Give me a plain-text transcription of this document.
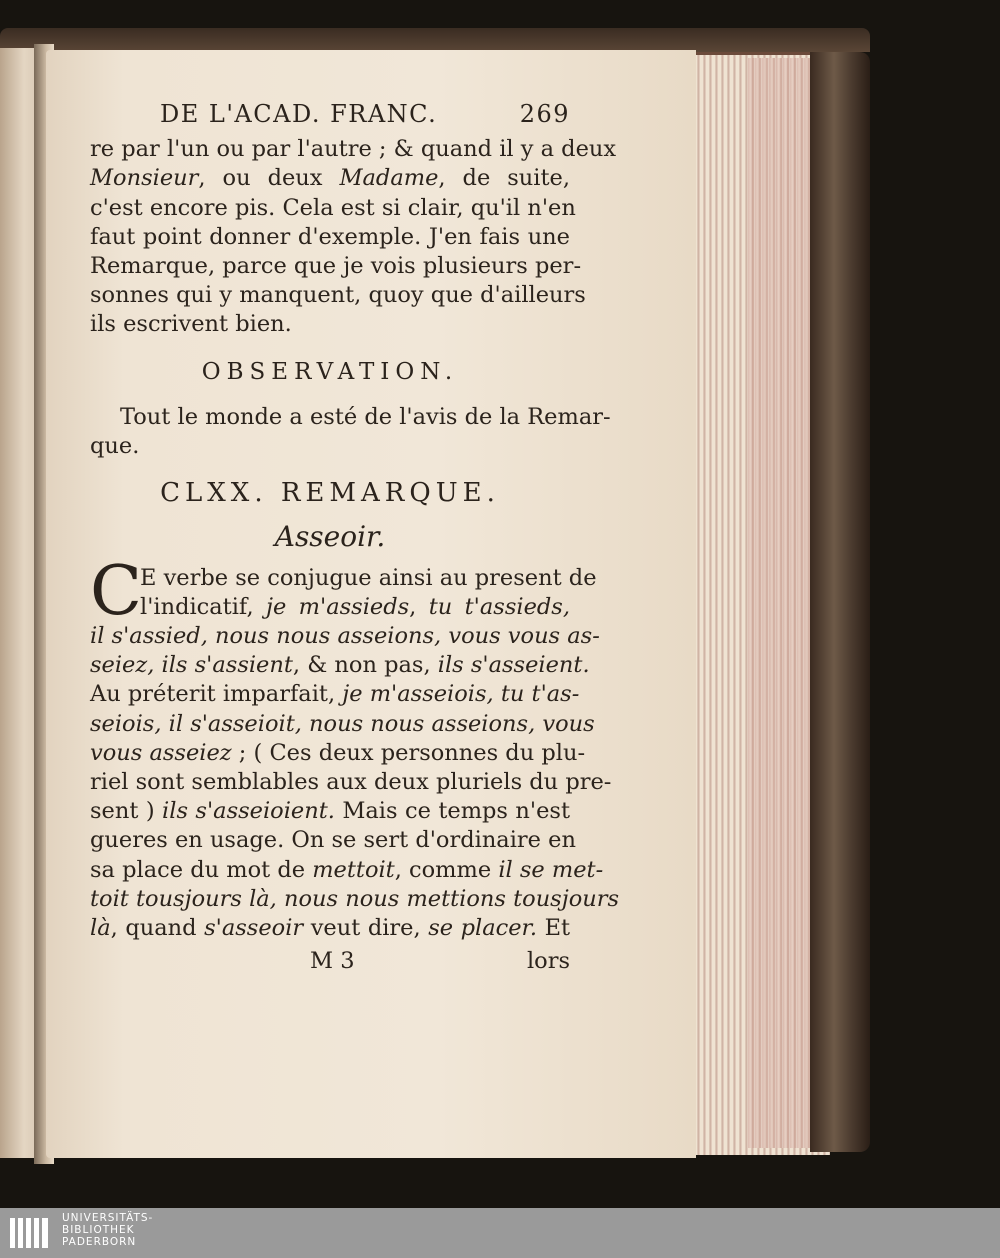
DE L'ACAD. FRANC.	269
re par l'un ou par l'autre ; & quand il y a deux
Monsieur, ou deux Madame, de suite,
c'est encore pis. Cela est si clair, qu'il n'en
faut point donner d'exemple. J'en fais une
Remarque, parce que je vois plusieurs per-
sonnes qui y manquent, quoy que d'ailleurs
ils escrivent bien.
OBSERVATION.
Tout le monde a esté de l'avis de la Remar-
que.
CLXX. REMARQUE.
Asseoir.
C
E verbe se conjugue ainsi au present de
l'indicatif, je m'assieds, tu t'assieds,
il s'assied, nous nous asseions, vous vous as-
seiez, ils s'assient, & non pas, ils s'asseient.
Au préterit imparfait, je m'asseiois, tu t'as-
seiois, il s'asseioit, nous nous asseions, vous
vous asseiez ; ( Ces deux personnes du plu-
riel sont semblables aux deux pluriels du pre-
sent ) ils s'asseioient. Mais ce temps n'est
gueres en usage. On se sert d'ordinaire en
sa place du mot de mettoit, comme il se met-
toit tousjours là, nous nous mettions tousjours
là, quand s'asseoir veut dire, se placer. Et
M 3	lors
UNIVERSITÄTS-
BIBLIOTHEK
PADERBORN
